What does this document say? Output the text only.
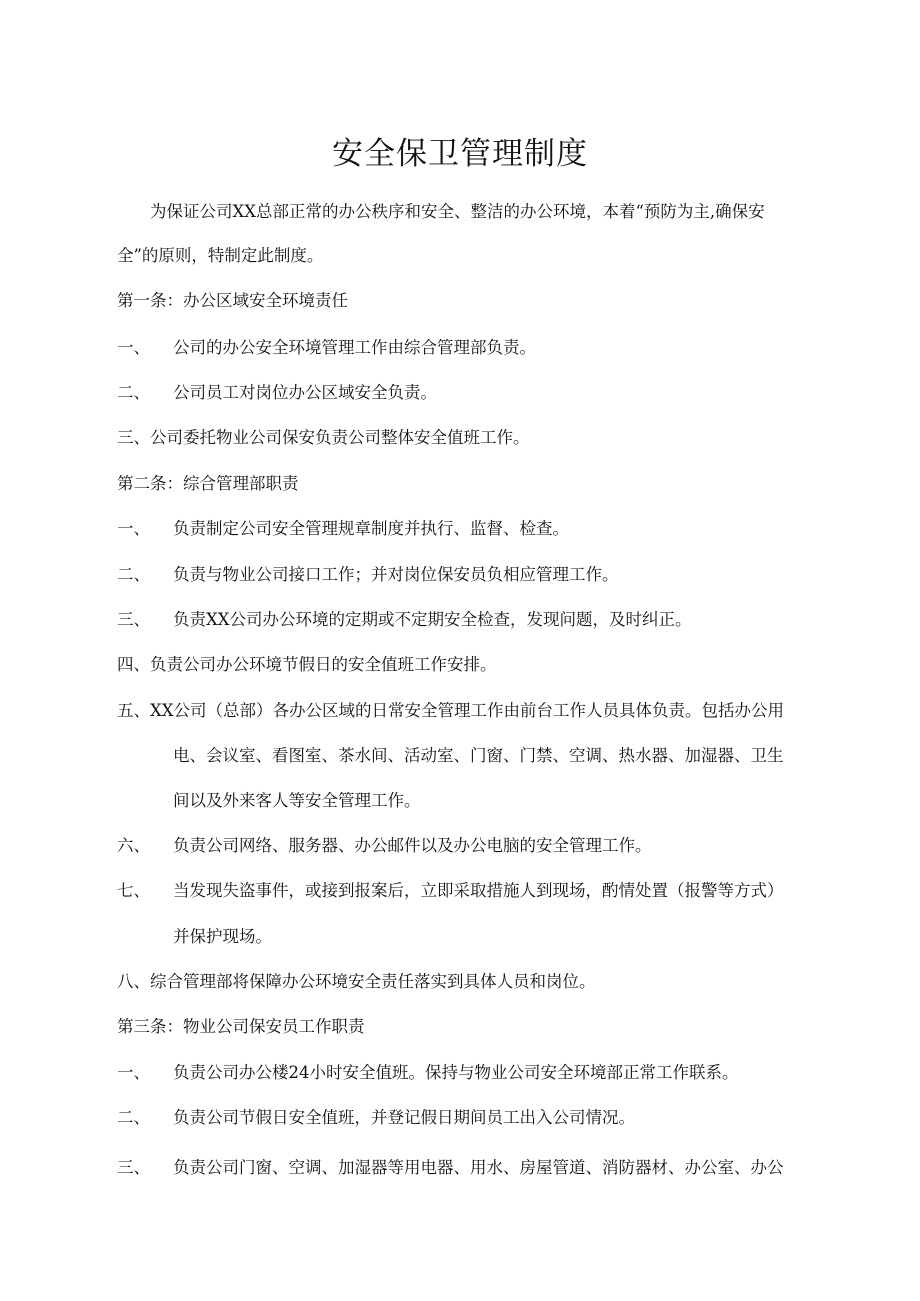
安全保卫管理制度
为保证公司XX总部正常的办公秩序和安全、整洁的办公环境，本着“预防为主,确保安
全”的原则，特制定此制度。
第一条：办公区域安全环境责任
一、 公司的办公安全环境管理工作由综合管理部负责。
二、 公司员工对岗位办公区域安全负责。
三、公司委托物业公司保安负责公司整体安全值班工作。
第二条：综合管理部职责
一、 负责制定公司安全管理规章制度并执行、监督、检查。
二、 负责与物业公司接口工作；并对岗位保安员负相应管理工作。
三、 负责XX公司办公环境的定期或不定期安全检查，发现问题，及时纠正。
四、负责公司办公环境节假日的安全值班工作安排。
五、XX公司（总部）各办公区域的日常安全管理工作由前台工作人员具体负责。包括办公用
电、会议室、看图室、茶水间、活动室、门窗、门禁、空调、热水器、加湿器、卫生
间以及外来客人等安全管理工作。
六、 负责公司网络、服务器、办公邮件以及办公电脑的安全管理工作。
七、 当发现失盗事件，或接到报案后，立即采取措施人到现场，酌情处置（报警等方式）
并保护现场。
八、综合管理部将保障办公环境安全责任落实到具体人员和岗位。
第三条：物业公司保安员工作职责
一、 负责公司办公楼24小时安全值班。保持与物业公司安全环境部正常工作联系。
二、 负责公司节假日安全值班，并登记假日期间员工出入公司情况。
三、 负责公司门窗、空调、加湿器等用电器、用水、房屋管道、消防器材、办公室、办公
